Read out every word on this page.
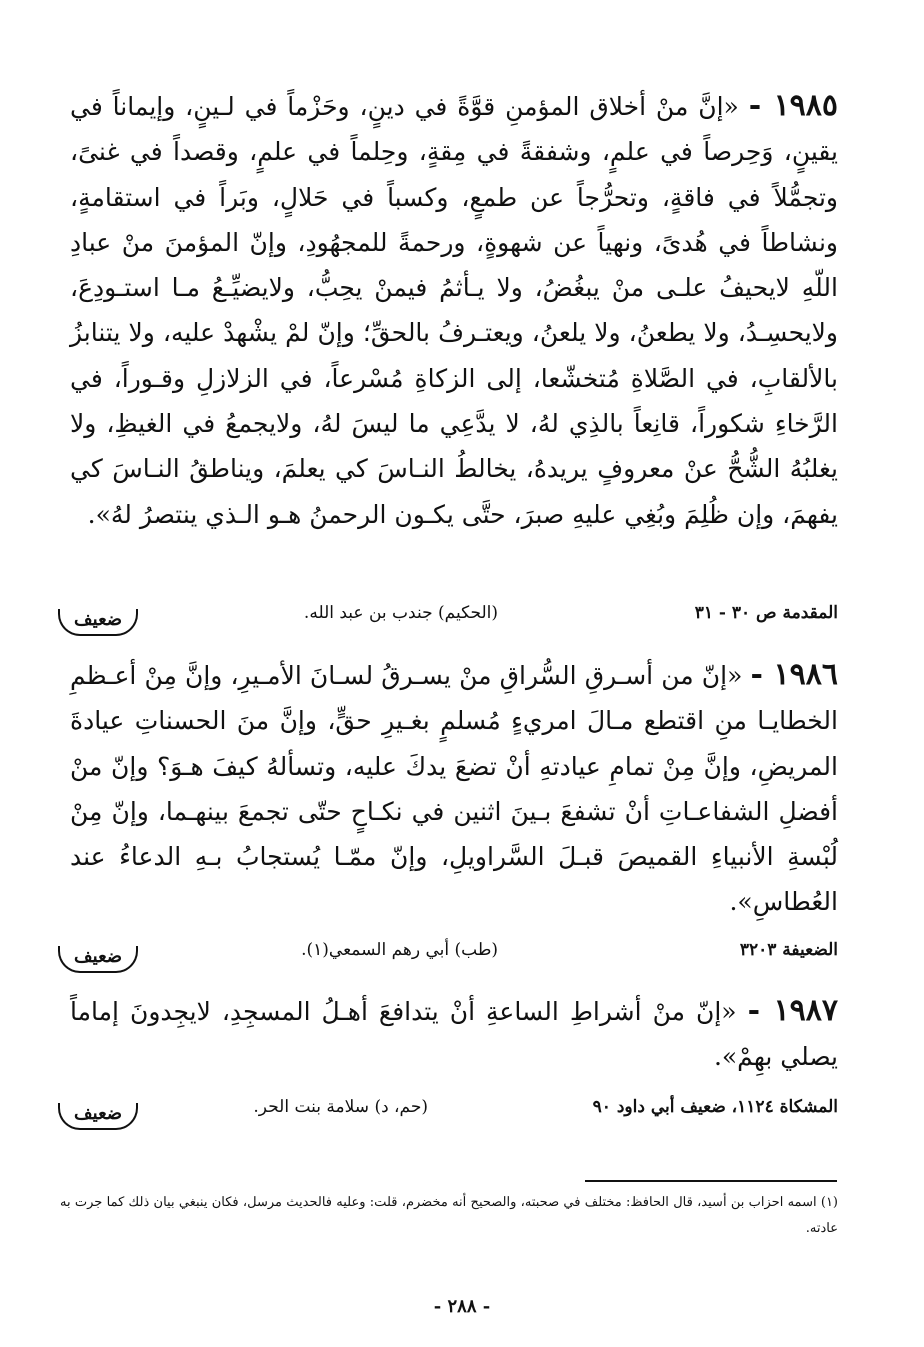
١٩٨٥ - «إنَّ منْ أخلاق المؤمنِ قوَّةً في دينٍ، وحَزْماً في لـينٍ، وإيماناً في يقينٍ، وَحِرصاً في علمٍ، وشفقةً في مِقةٍ، وحِلماً في علمٍ، وقصداً في غنىً، وتجمُّلاً في فاقةٍ، وتحرُّجاً عن طمعٍ، وكسباً في حَلالٍ، وبَراً في استقامةٍ، ونشاطاً في هُدىً، ونهياً عن شهوةٍ، ورحمةً للمجهُودِ، وإنّ المؤمنَ منْ عبادِ اللّهِ لايحيفُ علـى منْ يبغُضُ، ولا يـأثمُ فيمنْ يحِبُّ، ولايضيِّـعُ مـا استـودِعَ، ولايحسِـدُ، ولا يطعنُ، ولا يلعنُ، ويعتـرفُ بالحقِّ؛ وإنّ لمْ يشْهدْ عليه، ولا يتنابزُ بالألقابِ، في الصَّلاةِ مُتخشّعا، إلى الزكاةِ مُسْرعاً، في الزلازلِ وقـوراً، في الرَّخاءِ شكوراً، قانِعاً بالذِي لهُ، لا يدَّعِي ما ليسَ لهُ، ولايجمعُ في الغيظِ، ولا يغلبُهُ الشُّحُّ عنْ معروفٍ يريدهُ، يخالطُ النـاسَ كي يعلمَ، ويناطقُ النـاسَ كي يفهمَ، وإن ظُلِمَ وبُغِي عليهِ صبرَ، حتَّى يكـون الرحمنُ هـو الـذي ينتصرُ لهُ».
المقدمة ص ٣٠ - ٣١
(الحكيم) جندب بن عبد الله.
ضعيف
١٩٨٦ - «إنّ من أسـرقِ السُّراقِ منْ يسـرقُ لسـانَ الأمـيرِ، وإنَّ مِنْ أعـظمِ الخطايـا منِ اقتطع مـالَ امريءٍ مُسلمٍ بغـيرِ حقٍّ، وإنَّ منَ الحسناتِ عيادةَ المريضِ، وإنَّ مِنْ تمامِ عيادتهِ أنْ تضعَ يدكَ عليه، وتسألهُ كيفَ هـوَ؟ وإنّ منْ أفضلِ الشفاعـاتِ أنْ تشفعَ بـينَ اثنين في نكـاحٍ حتّى تجمعَ بينهـما، وإنّ مِنْ لُبْسةِ الأنبياءِ القميصَ قبـلَ السَّراويلِ، وإنّ ممّـا يُستجابُ بـهِ الدعاءُ عند العُطاسِ».
الضعيفة ٣٢٠٣
(طب) أبي رهم السمعي(١).
ضعيف
١٩٨٧ - «إنّ منْ أشراطِ الساعةِ أنْ يتدافعَ أهـلُ المسجِدِ، لايجِدونَ إماماً يصلي بهِمْ».
المشكاة ١١٢٤، ضعيف أبي داود ٩٠
(حم، د) سلامة بنت الحر.
ضعيف
(١) اسمه احزاب بن أسيد، قال الحافظ: مختلف في صحبته، والصحيح أنه مخضرم، قلت: وعليه فالحديث مرسل، فكان ينبغي بيان ذلك كما جرت به عادته.
- ٢٨٨ -
